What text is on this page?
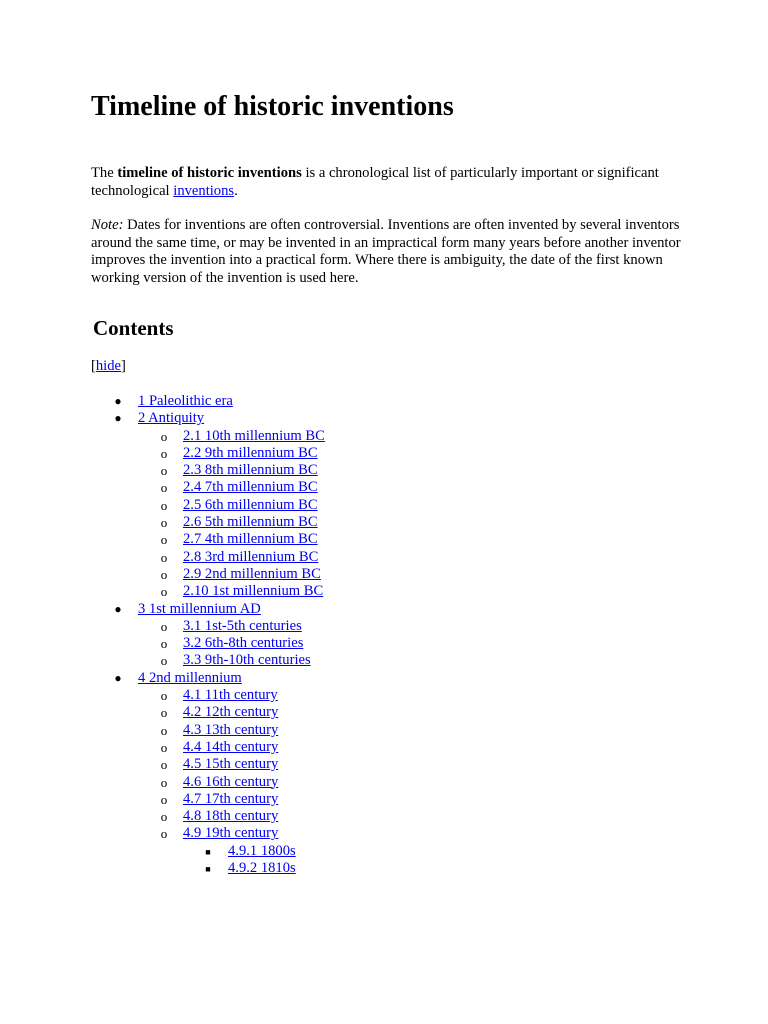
Timeline of historic inventions

The timeline of historic inventions is a chronological list of particularly important or significant technological inventions.

Note: Dates for inventions are often controversial. Inventions are often invented by several inventors around the same time, or may be invented in an impractical form many years before another inventor improves the invention into a practical form. Where there is ambiguity, the date of the first known working version of the invention is used here.

Contents
[hide]
● 1 Paleolithic era
● 2 Antiquity
o 2.1 10th millennium BC
o 2.2 9th millennium BC
o 2.3 8th millennium BC
o 2.4 7th millennium BC
o 2.5 6th millennium BC
o 2.6 5th millennium BC
o 2.7 4th millennium BC
o 2.8 3rd millennium BC
o 2.9 2nd millennium BC
o 2.10 1st millennium BC
● 3 1st millennium AD
o 3.1 1st-5th centuries
o 3.2 6th-8th centuries
o 3.3 9th-10th centuries
● 4 2nd millennium
o 4.1 11th century
o 4.2 12th century
o 4.3 13th century
o 4.4 14th century
o 4.5 15th century
o 4.6 16th century
o 4.7 17th century
o 4.8 18th century
o 4.9 19th century
■ 4.9.1 1800s
■ 4.9.2 1810s
